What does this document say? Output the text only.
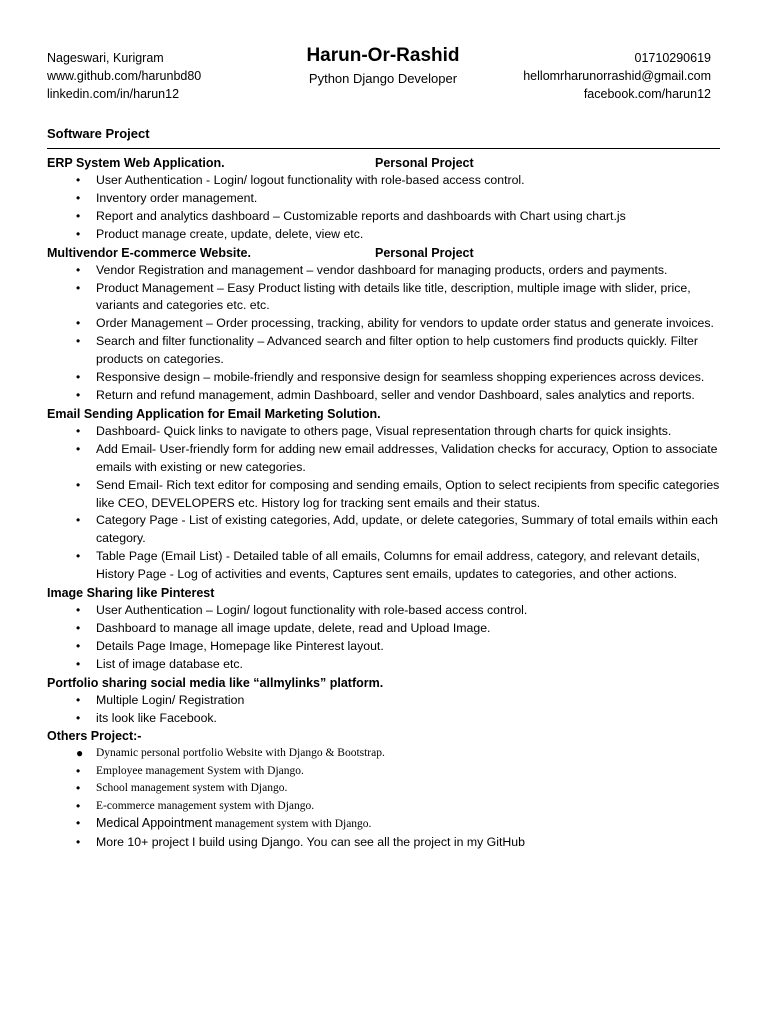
Nageswari, Kurigram
www.github.com/harunbd80
linkedin.com/in/harun12
Harun-Or-Rashid
Python Django Developer
01710290619
hellomrharunorrashid@gmail.com
facebook.com/harun12
Software Project
ERP System Web Application.	Personal Project
• User Authentication - Login/ logout functionality with role-based access control.
• Inventory order management.
• Report and analytics dashboard – Customizable reports and dashboards with Chart using chart.js
• Product manage create, update, delete, view etc.
Multivendor E-commerce Website.	Personal Project
• Vendor Registration and management – vendor dashboard for managing products, orders and payments.
• Product Management – Easy Product listing with details like title, description, multiple image with slider, price, variants and categories etc. etc.
• Order Management – Order processing, tracking, ability for vendors to update order status and generate invoices.
• Search and filter functionality – Advanced search and filter option to help customers find products quickly. Filter products on categories.
• Responsive design – mobile-friendly and responsive design for seamless shopping experiences across devices.
• Return and refund management, admin Dashboard, seller and vendor Dashboard, sales analytics and reports.
Email Sending Application for Email Marketing Solution.
• Dashboard- Quick links to navigate to others page, Visual representation through charts for quick insights.
• Add Email- User-friendly form for adding new email addresses, Validation checks for accuracy, Option to associate emails with existing or new categories.
• Send Email- Rich text editor for composing and sending emails, Option to select recipients from specific categories like CEO, DEVELOPERS etc. History log for tracking sent emails and their status.
• Category Page - List of existing categories, Add, update, or delete categories, Summary of total emails within each category.
• Table Page (Email List) - Detailed table of all emails, Columns for email address, category, and relevant details, History Page - Log of activities and events, Captures sent emails, updates to categories, and other actions.
Image Sharing like Pinterest
• User Authentication – Login/ logout functionality with role-based access control.
• Dashboard to manage all image update, delete, read and Upload Image.
• Details Page Image, Homepage like Pinterest layout.
• List of image database etc.
Portfolio sharing social media like “allmylinks” platform.
• Multiple Login/ Registration
• its look like Facebook.
Others Project:-
● Dynamic personal portfolio Website with Django & Bootstrap.
• Employee management System with Django.
• School management system with Django.
• E-commerce management system with Django.
• Medical Appointment management system with Django.
• More 10+ project I build using Django. You can see all the project in my GitHub
